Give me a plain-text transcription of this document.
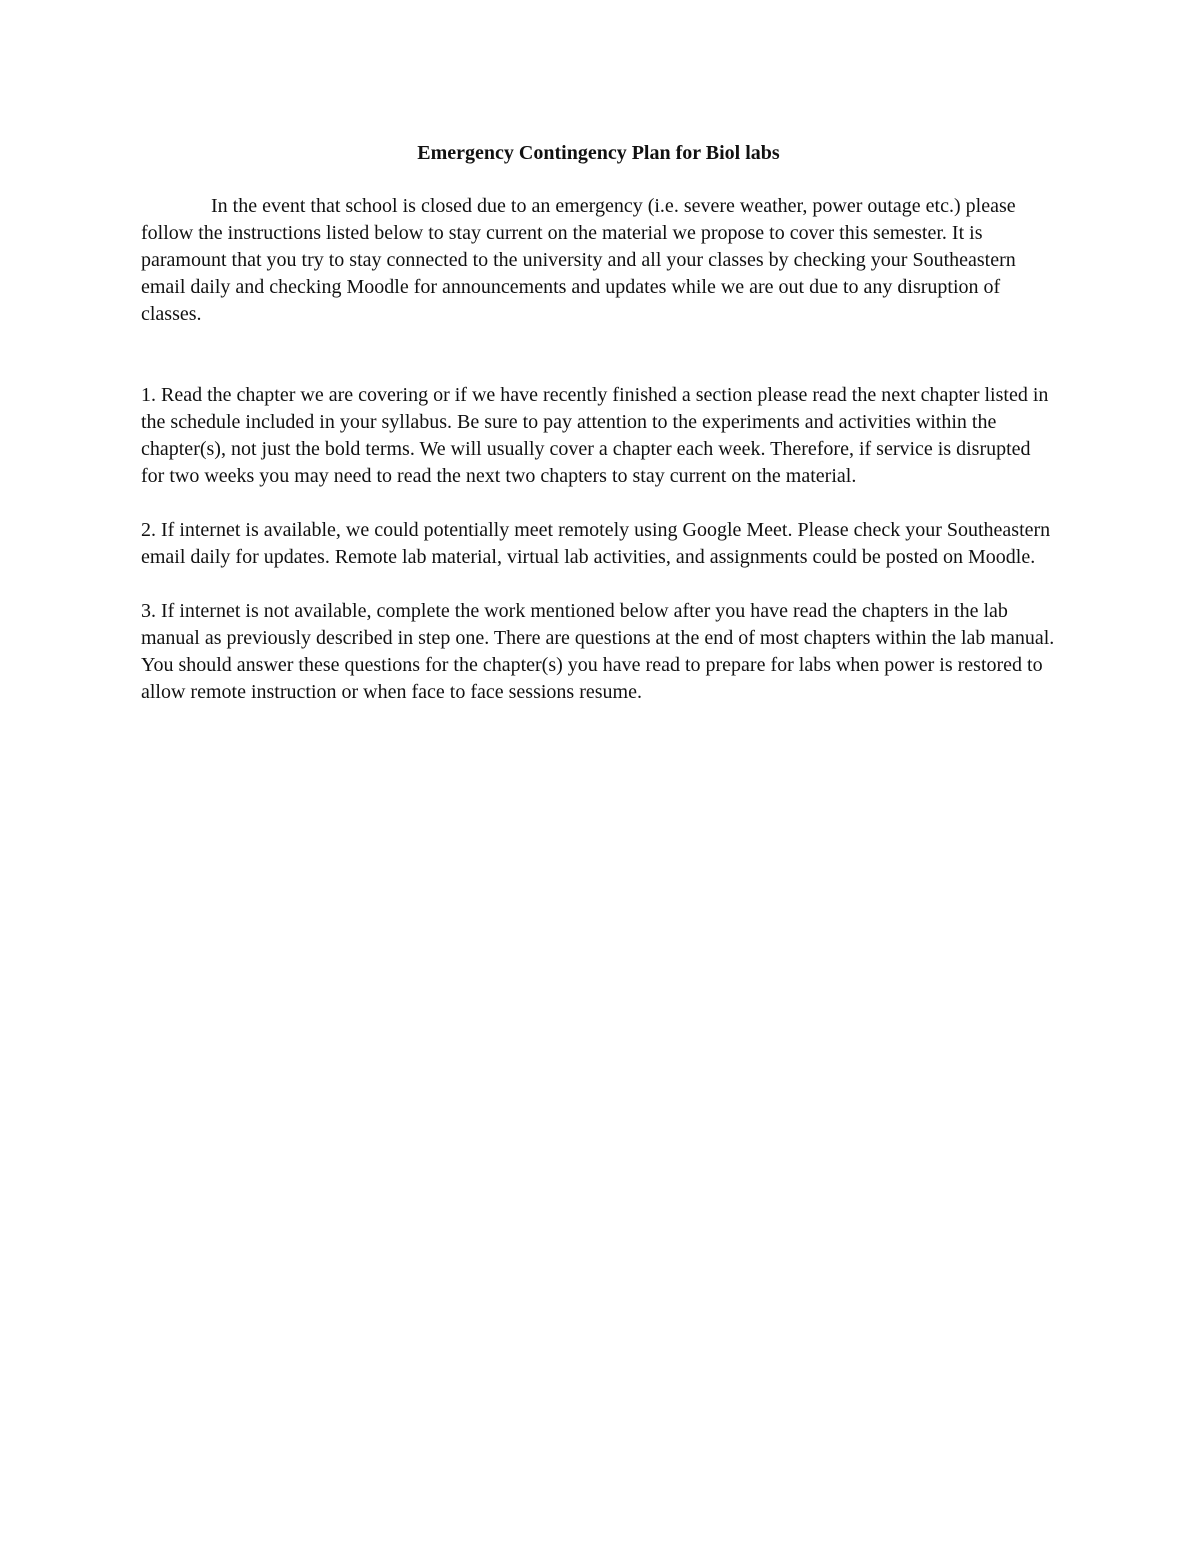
Emergency Contingency Plan for Biol labs

In the event that school is closed due to an emergency (i.e. severe weather, power outage etc.) please follow the instructions listed below to stay current on the material we propose to cover this semester. It is paramount that you try to stay connected to the university and all your classes by checking your Southeastern email daily and checking Moodle for announcements and updates while we are out due to any disruption of classes.

1. Read the chapter we are covering or if we have recently finished a section please read the next chapter listed in the schedule included in your syllabus. Be sure to pay attention to the experiments and activities within the chapter(s), not just the bold terms. We will usually cover a chapter each week. Therefore, if service is disrupted for two weeks you may need to read the next two chapters to stay current on the material.

2. If internet is available, we could potentially meet remotely using Google Meet. Please check your Southeastern email daily for updates. Remote lab material, virtual lab activities, and assignments could be posted on Moodle.

3. If internet is not available, complete the work mentioned below after you have read the chapters in the lab manual as previously described in step one. There are questions at the end of most chapters within the lab manual. You should answer these questions for the chapter(s) you have read to prepare for labs when power is restored to allow remote instruction or when face to face sessions resume.
